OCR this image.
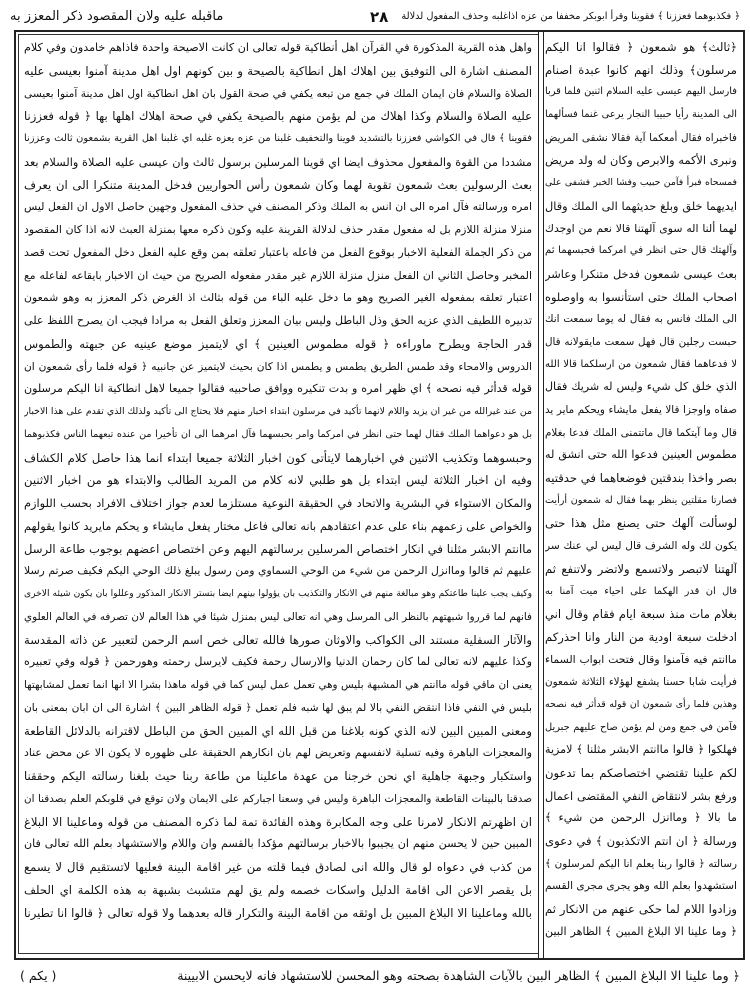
﴿ فكذبوهما فعززنا ﴾ فقوينا وقرأ ابوبكر مخففا من عزه اذاغلبه وحذف المفعول لدلالة
٢٨
ماقبله عليه ولان المقصود ذكر المعزز به

﴿ثالث﴾ هو شمعون ﴿ فقالوا انا اليكم

مرسلون﴾ وذلك انهم كانوا عبدة اصنام

فارسل اليهم عيسى عليه السلام اثنين فلما قربا

الى المدينة رأيا حبيبا النجار يرعى غنما فسألهما

فاخبراه فقال أمعكما آية فقالا نشفى المريض

ونبرى الأكمه والابرص وكان له ولد مريض

فمسحاه فبرأ فآمن حبيب وفشا الخبر فشفى على

ايديهما خلق وبلغ حديثهما الى الملك وقال

لهما ألنا اله سوى آلهتنا قالا نعم من اوجدك

وآلهتك قال حتى انظر في امركما فحبسهما ثم

بعث عيسى شمعون فدخل متنكرا وعاشر

اصحاب الملك حتى استأنسوا به واوصلوه

الى الملك فانس به فقال له يوما سمعت انك

حبست رجلين قال فهل سمعت مايقولانه قال

لا فدعاهما فقال شمعون من ارسلكما قالا الله

الذي خلق كل شيء وليس له شريك فقال

صفاه واوجزا قالا يفعل مايشاء ويحكم ماير يد

قال وما آيتكما قال ماتتمنى الملك فدعا بغلام

مطموس العينين فدعوا الله حتى انشق له

بصر واخذا بندقتين فوضعاهما في حدقتيه

فصارتا مقلتين ينظر بهما فقال له شمعون أرأيت

لوسألت آلهك حتى يصنع مثل هذا حتى

يكون لك وله الشرف قال ليس لي عنك سر

آلهتنا لاتبصر ولاتسمع ولاتضر ولاتنفع ثم

قال ان قدر الهكما على احياء ميت آمنا به

بغلام مات منذ سبعة ايام فقام وقال اني

ادخلت سبعة اودية من النار وانا احذركم

ماانتم فيه فآمنوا وقال فتحت ابواب السماء

فرأيت شابا حسنا يشفع لهؤلاء الثلاثة شمعون

وهذين فلما رأى شمعون ان قوله قدأثر فيه نصحه

فآمن في جمع ومن لم يؤمن صاح عليهم جبريل

فهلكوا ﴿ قالوا ماانتم الابشر مثلنا ﴾ لامزية

لكم علينا تقتضي اختصاصكم بما تدعون

ورفع بشر لانتقاض النفي المقتضى اعمال

ما بالا ﴿ وماانزل الرحمن من شيء ﴾

ورسالة ﴿ ان انتم الاتكذبون ﴾ في دعوى

رسالته ﴿ قالوا ربنا يعلم انا اليكم لمرسلون ﴾

استشهدوا بعلم الله وهو يجرى مجرى القسم

وزادوا اللام لما حكى عنهم من الانكار ثم

﴿ وما علينا الا البلاغ المبين ﴾ الظاهر البين

واهل هذه القرية المذكورة في القرآن اهل أنطاكية قوله تعالى ان كانت الاصيحة واحدة فاذاهم خامدون وفي كلام

المصنف اشارة الى التوفيق بين اهلاك اهل انطاكية بالصيحة و بين كونهم اول اهل مدينة آمنوا بعيسى عليه

الصلاة والسلام فان ايمان الملك في جمع من تبعه يكفي في صحة القول بان اهل انطاكية اول اهل مدينة آمنوا بعيسى

عليه الصلاة والسلام وكذا اهلاك من لم يؤمن منهم بالصيحة يكفي في صحة اهلاك اهلها بها ﴿ قوله فعززنا

فقوينا ﴾ قال في الكواشي فعززنا بالتشديد قوينا والتخفيف غلبنا من عزه يعزه غلبه اي غلبنا اهل القرية بشمعون ثالث وعززنا

مشددا من القوة والمفعول محذوف ايضا اي قوينا المرسلين برسول ثالث وان عيسى عليه الصلاة والسلام بعد

بعث الرسولين بعث شمعون تقوية لهما وكان شمعون رأس الحواريين فدخل المدينة متنكرا الى ان يعرف

امره ورسالته فآل امره الى ان انس به الملك وذكر المصنف في حذف المفعول وجهين حاصل الاول ان الفعل ليس

منزلا منزلة اللازم بل له مفعول مقدر حذف لدلالة القرينة عليه وكون ذكره معها بمنزلة العبث لانه اذا كان المقصود

من ذكر الجملة الفعلية الاخبار بوقوع الفعل من فاعله باعتبار تعلقه بمن وقع عليه الفعل دخل المفعول تحت قصد

المخبر وحاصل الثاني ان الفعل منزل منزلة اللازم غير مقدر مفعوله الصريح من حيث ان الاخبار بايقاعه لفاعله مع

اعتبار تعلقه بمفعوله الغير الصريح وهو ما دخل عليه الباء من قوله بثالث اذ الغرض ذكر المعزز به وهو شمعون

تدبيره اللطيف الذي عزيه الحق وذل الباطل وليس بيان المعزز وتعلق الفعل به مرادا فيجب ان يصرح اللفظ على

قدر الحاجة ويطرح ماوراءه ﴿ قوله مطموس العينين ﴾ اي لايتميز موضع عينيه عن جبهته والطموس

الدروس والامحاء وقد طمس الطريق يطمس و يطمس اذا كان بحيث لايتميز عن جانبيه ﴿ قوله فلما رأى شمعون ان

قوله قدأثر فيه نصحه ﴾ اي ظهر امره و بدت تنكيره ووافق صاحبيه فقالوا جميعا لاهل انطاكية انا اليكم مرسلون

من عند غيرالله من غير ان يزيد واللام لانهما تأكيد في مرسلون ابتداء اخبار منهم فلا يحتاج الى تأكيد ولذلك الذي تقدم على هذا الاخبار

بل هو دعواهما الملك فقال لهما حتى انظر في امركما وامر بحبسهما فآل امرهما الى ان تأخيرا من عنده تبعهما الناس فكذبوهما

وحبسوهما وتكذيب الاثنين في اخبارهما لايتأتى كون اخبار الثلاثة جميعا ابتداء انما هذا حاصل كلام الكشاف

وفيه ان اخبار الثلاثة ليس ابتداء بل هو طلبي لانه كلام من المريد الطالب والابتداء هو من اخبار الاثنين

والمكان الاستواء في البشرية والاتحاد في الحقيقة النوعية مستلزما لعدم جواز اختلاف الافراد بحسب اللوازم

والخواص على زعمهم بناء على عدم اعتقادهم بانه تعالى فاعل مختار يفعل مايشاء و يحكم مايريد كانوا يقولهم

ماانتم الابشر مثلنا في انكار اختصاص المرسلين برسالتهم اليهم وعن اختصاص اعضهم بوجوب طاعة الرسل

عليهم ثم قالوا وماانزل الرحمن من شيء من الوحي السماوي ومن رسول يبلغ ذلك الوحي اليكم فكيف صرتم رسلا

وكيف يجب علينا طاعتكم وهو مبالغة منهم في الانكار والتكذيب بان يؤولوا بينهم ايضا بتستر الانكار المذكور وعللوا بان يكون شيئه الاخرى

فانهم لما قرروا شبهتهم بالنظر الى المرسل وهي انه تعالى ليس بمنزل شيئا في هذا العالم لان تصرفه في العالم العلوي

والآثار السفلية مستند الى الكواكب والاوثان صورها فالله تعالى خص اسم الرحمن لتعبير عن ذاته المقدسة

وكذا عليهم لانه تعالى لما كان رحمان الدنيا والارسال رحمة فكيف لايرسل رحمته وهورحمن ﴿ قوله وفي تعبيره

يعنى ان ماقي قوله ماانتم هي المشبهة بليس وهي تعمل عمل ليس كما في قوله ماهذا بشرا الا انها انما تعمل لمشابهتها

بليس في النفي فاذا انتقض النفي بالا لم يبق لها شبه فلم تعمل ﴿ قوله الظاهر البين ﴾ اشارة الى ان ابان بمعنى بان

ومعنى المبين البين لانه الذي كونه بلاغنا من قبل الله اي المبين الحق من الباطل لاقترانه بالدلائل القاطعة

والمعجزات الباهرة وفيه تسلية لانفسهم وتعريض لهم بان انكارهم الحقيقة على ظهوره لا يكون الا عن محض عناد

واستكبار وجبهة جاهلية اي نحن خرجنا من عهدة ماعلينا من طاعة ربنا حيث بلغنا رسالته اليكم وحققنا

صدقنا بالبينات القاطعة والمعجزات الباهرة وليس في وسعنا اجباركم على الايمان ولان توقع في قلوبكم العلم بصدقنا ان

ان اظهرتم الانكار لامرنا على وجه المكابرة وهذه الفائدة تمة لما ذكره المصنف من قوله وماعلينا الا البلاغ

المبين حين لا يحسن منهم ان يجيبوا بالاخبار برسالتهم مؤكدا بالقسم وان واللام والاستشهاد بعلم الله تعالى فان

من كذب في دعواه لو قال والله انى لصادق فيما قلته من غير اقامة البينة فعليها لاتستقيم قال لا يسمع

بل يقصر الاعن الى اقامة الدليل واسكات خصمه ولم يق لهم متشبث بشبهة به هذه الكلمة اي الحلف

بالله وماعلينا الا البلاغ المبين بل اوثقه من اقامة البينة والتكرار قاله بعدهما ولا قوله تعالى ﴿ قالوا انا تطيرنا

﴿ وما علينا الا البلاغ المبين ﴾ الظاهر البين بالآيات الشاهدة بصحته وهو المحسن للاستشهاد فانه لايحسن الابيينة
( يكم )
